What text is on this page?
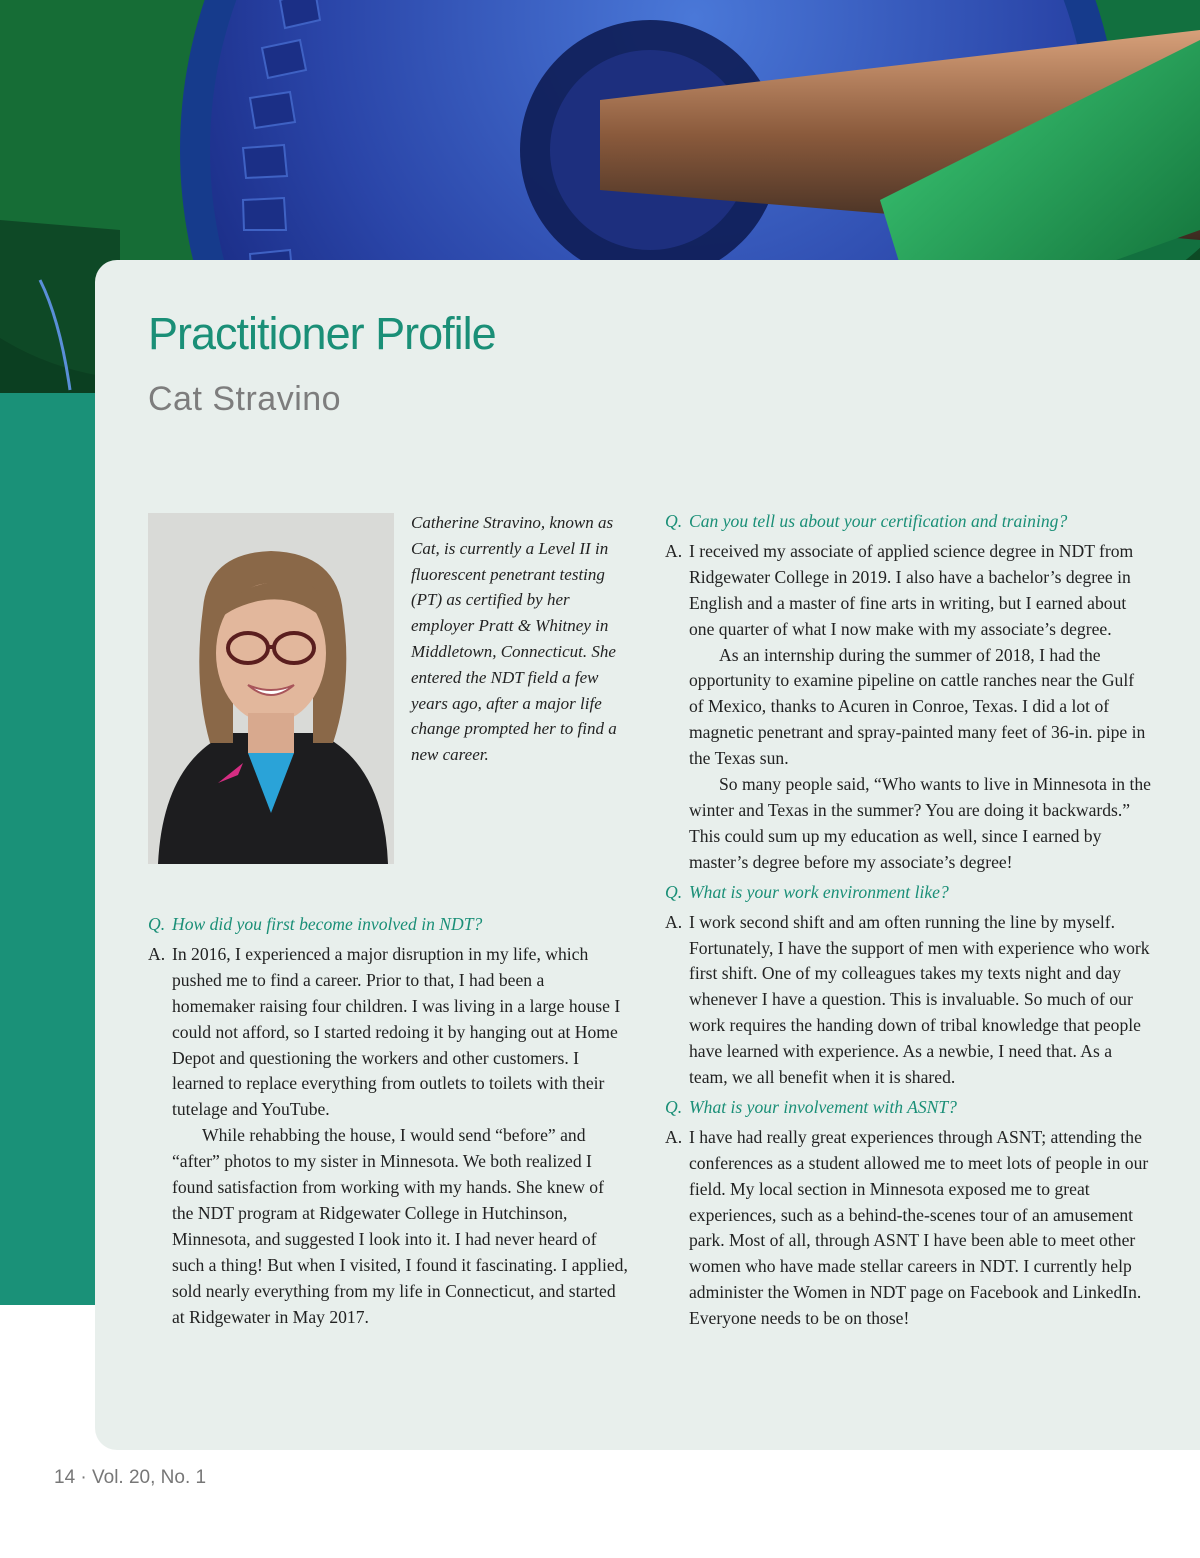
Practitioner Profile
Cat Stravino

Catherine Stravino, known as Cat, is currently a Level II in fluorescent penetrant testing (PT) as certified by her employer Pratt & Whitney in Middletown, Connecticut. She entered the NDT field a few years ago, after a major life change prompted her to find a new career.

Q. How did you first become involved in NDT?

A. In 2016, I experienced a major disruption in my life, which pushed me to find a career. Prior to that, I had been a homemaker raising four children. I was living in a large house I could not afford, so I started redoing it by hanging out at Home Depot and questioning the workers and other customers. I learned to replace everything from outlets to toilets with their tutelage and YouTube.

While rehabbing the house, I would send “before” and “after” photos to my sister in Minnesota. We both realized I found satisfaction from working with my hands. She knew of the NDT program at Ridgewater College in Hutchinson, Minnesota, and suggested I look into it. I had never heard of such a thing! But when I visited, I found it fascinating. I applied, sold nearly everything from my life in Connecticut, and started at Ridgewater in May 2017.

Q. Can you tell us about your certification and training?

A. I received my associate of applied science degree in NDT from Ridgewater College in 2019. I also have a bachelor’s degree in English and a master of fine arts in writing, but I earned about one quarter of what I now make with my associate’s degree.

As an internship during the summer of 2018, I had the opportunity to examine pipeline on cattle ranches near the Gulf of Mexico, thanks to Acuren in Conroe, Texas. I did a lot of magnetic penetrant and spray-painted many feet of 36-in. pipe in the Texas sun.

So many people said, “Who wants to live in Minnesota in the winter and Texas in the summer? You are doing it backwards.” This could sum up my education as well, since I earned by master’s degree before my associate’s degree!

Q. What is your work environment like?

A. I work second shift and am often running the line by myself. Fortunately, I have the support of men with experience who work first shift. One of my colleagues takes my texts night and day whenever I have a question. This is invaluable. So much of our work requires the handing down of tribal knowledge that people have learned with experience. As a newbie, I need that. As a team, we all benefit when it is shared.

Q. What is your involvement with ASNT?

A. I have had really great experiences through ASNT; attending the conferences as a student allowed me to meet lots of people in our field. My local section in Minnesota exposed me to great experiences, such as a behind-the-scenes tour of an amusement park. Most of all, through ASNT I have been able to meet other women who have made stellar careers in NDT. I currently help administer the Women in NDT page on Facebook and LinkedIn. Everyone needs to be on those!

14 · Vol. 20, No. 1
